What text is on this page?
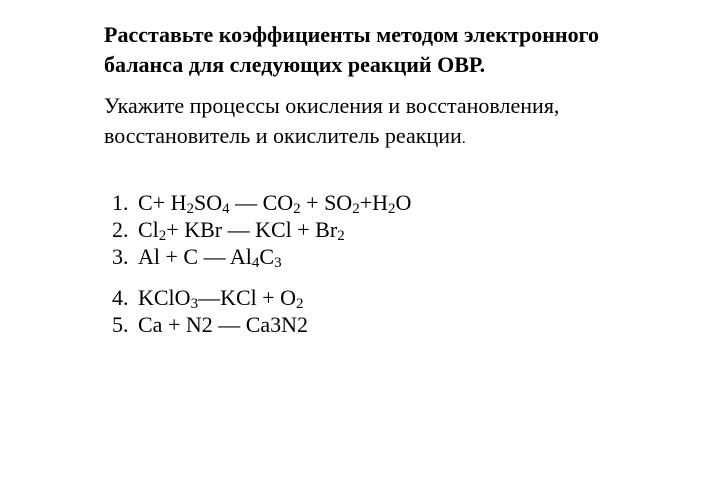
Расставьте коэффициенты методом электронного
баланса для следующих реакций ОВР.

Укажите процессы окисления и восстановления,
восстановитель и окислитель реакции.

1. C+ H2SO4 — CO2 + SO2+H2O
2. Cl2+ KBr — KCl + Br2
3. Al + C — Al4C3
4. KClO3—KCl + O2
5. Ca + N2 — Ca3N2
